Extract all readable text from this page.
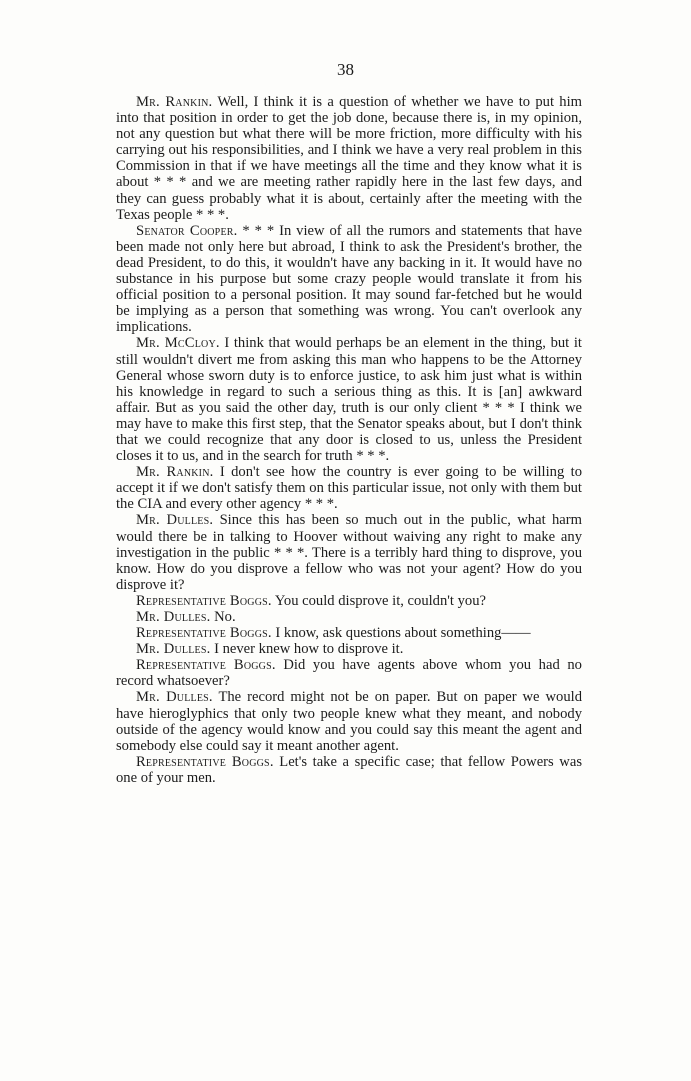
38

Mr. Rankin. Well, I think it is a question of whether we have to put him into that position in order to get the job done, because there is, in my opinion, not any question but what there will be more friction, more difficulty with his carrying out his responsibilities, and I think we have a very real problem in this Commission in that if we have meetings all the time and they know what it is about * * * and we are meeting rather rapidly here in the last few days, and they can guess probably what it is about, certainly after the meeting with the Texas people * * *.

Senator Cooper. * * * In view of all the rumors and statements that have been made not only here but abroad, I think to ask the President's brother, the dead President, to do this, it wouldn't have any backing in it. It would have no substance in his purpose but some crazy people would translate it from his official position to a personal position. It may sound far-fetched but he would be implying as a person that something was wrong. You can't overlook any implications.

Mr. McCloy. I think that would perhaps be an element in the thing, but it still wouldn't divert me from asking this man who happens to be the Attorney General whose sworn duty is to enforce justice, to ask him just what is within his knowledge in regard to such a serious thing as this. It is [an] awkward affair. But as you said the other day, truth is our only client * * * I think we may have to make this first step, that the Senator speaks about, but I don't think that we could recognize that any door is closed to us, unless the President closes it to us, and in the search for truth * * *.

Mr. Rankin. I don't see how the country is ever going to be willing to accept it if we don't satisfy them on this particular issue, not only with them but the CIA and every other agency * * *.

Mr. Dulles. Since this has been so much out in the public, what harm would there be in talking to Hoover without waiving any right to make any investigation in the public * * *. There is a terribly hard thing to disprove, you know. How do you disprove a fellow who was not your agent? How do you disprove it?

Representative Boggs. You could disprove it, couldn't you?

Mr. Dulles. No.

Representative Boggs. I know, ask questions about something——

Mr. Dulles. I never knew how to disprove it.

Representative Boggs. Did you have agents above whom you had no record whatsoever?

Mr. Dulles. The record might not be on paper. But on paper we would have hieroglyphics that only two people knew what they meant, and nobody outside of the agency would know and you could say this meant the agent and somebody else could say it meant another agent.

Representative Boggs. Let's take a specific case; that fellow Powers was one of your men.
